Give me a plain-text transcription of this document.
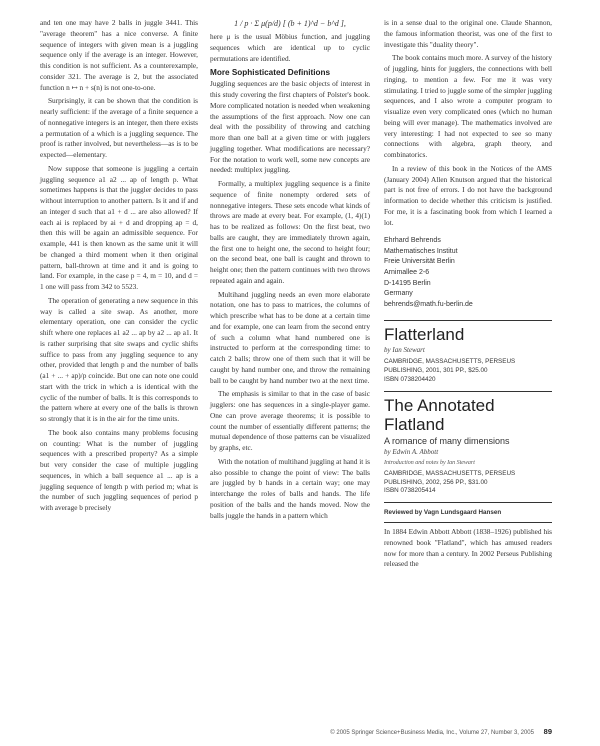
and ten one may have 2 balls in juggle 3441. This "average theorem" has a nice converse. A finite sequence of integers with given mean is a juggling sequence only if the average is an integer. However, this condition is not sufficient. As a counterexample, consider 321. The average is 2, but the associated function n ↦ n + s(n) is not one-to-one.

Surprisingly, it can be shown that the condition is nearly sufficient: if the average of a finite sequence a of nonnegative integers is an integer, then there exists a permutation of a which is a juggling sequence. The proof is rather involved, but nevertheless—as is to be expected—elementary.

Now suppose that someone is juggling a certain juggling sequence a1 a2 ... ap of length p. What sometimes happens is that the juggler decides to pass without interruption to another pattern. Is it and if and an integer d such that a1 + d ... are also allowed? If each ai is replaced by ai + d and dropping ap = d, then this will be again an admissible sequence. For example, 441 is then known as the same unit it will be changed a third moment when it then original pattern, ball-thrown at time and it and is going to land. For example, in the case p = 4, m = 10, and d = 1 one will pass from 342 to 5523.

The operation of generating a new sequence in this way is called a site swap. As another, more elementary operation, one can consider the cyclic shift where one replaces a1 a2 ... ap by a2 ... ap a1. It is rather surprising that site swaps and cyclic shifts suffice to pass from any juggling sequence to any other, provided that length p and the number of balls (a1 + ... + ap)/p coincide. But one can note one could start with the trick in which a is identical with the cyclic of the number of balls. It is this corresponds to the pattern where at every one of the balls is thrown so strongly that it is in the air for the time units.

The book also contains many problems focusing on counting: What is the number of juggling sequences with a prescribed property? As a simple but very consider the case of multiple juggling sequences, in which a ball sequence a1 ... ap is a juggling sequence of length p with period m; what is the number of such juggling sequences of period p with average b precisely

1 / p · Σ μ(p/d) [ (b + 1)^d − b^d ],

here μ is the usual Möbius function, and juggling sequences which are identical up to cyclic permutations are identified.

More Sophisticated Definitions

Juggling sequences are the basic objects of interest in this study covering the first chapters of Polster's book. More complicated notation is needed when weakening the assumptions of the first approach. Now one can deal with the possibility of throwing and catching more than one ball at a given time or with jugglers juggling together. What modifications are necessary? For the notation to work well, some new concepts are needed: multiplex juggling.

Formally, a multiplex juggling sequence is a finite sequence of finite nonempty ordered sets of nonnegative integers. These sets encode what kinds of throws are made at every beat. For example, (1, 4)(1) has to be realized as follows: On the first beat, two balls are caught, they are immediately thrown again, the first one to height one, the second to height four; on the second beat, one ball is caught and thrown to height one; then the pattern continues with two throws repeated again and again.

Multihand juggling needs an even more elaborate notation, one has to pass to matrices, the columns of which prescribe what has to be done at a certain time and for example, one can learn from the second entry of such a column what hand numbered one is instructed to perform at the corresponding time: to catch 2 balls; throw one of them such that it will be caught by hand number one, and throw the remaining ball to be caught by hand number two at the next time.

The emphasis is similar to that in the case of basic jugglers: one has sequences in a single-player game. One can prove average theorems; it is possible to count the number of essentially different patterns; the mutual dependence of those patterns can be visualized by graphs, etc.

With the notation of multihand juggling at hand it is also possible to change the point of view: The balls are juggled by b hands in a certain way; one may interchange the roles of balls and hands. The life position of the balls and the hands moved. Now the balls juggle the hands in a pattern which

is in a sense dual to the original one. Claude Shannon, the famous information theorist, was one of the first to investigate this "duality theory".

The book contains much more. A survey of the history of juggling, hints for jugglers, the connections with bell ringing, to mention a few. For me it was very stimulating. I tried to juggle some of the simpler juggling sequences, and I also wrote a computer program to visualize even very complicated ones (which no human being will ever manage). The mathematics involved are very interesting: I had not expected to see so many connections with algebra, graph theory, and combinatorics.

In a review of this book in the Notices of the AMS (January 2004) Allen Knutson argued that the historical part is not free of errors. I do not have the background information to decide whether this criticism is justified. For me, it is a fascinating book from which I learned a lot.

Ehrhard Behrends
Mathematisches Institut
Freie Universität Berlin
Arnimallee 2-6
D-14195 Berlin
Germany
behrends@math.fu-berlin.de
Flatterland
by Ian Stewart
CAMBRIDGE, MASSACHUSETTS, PERSEUS
PUBLISHING, 2001, 301 PP., $25.00
ISBN 0738204420
The Annotated Flatland
A romance of many dimensions
by Edwin A. Abbott
Introduction and notes by Ian Stewart
CAMBRIDGE, MASSACHUSETTS, PERSEUS
PUBLISHING, 2002, 256 PP., $31.00
ISBN 0738205414
Reviewed by Vagn Lundsgaard Hansen

In 1884 Edwin Abbott Abbott (1838–1926) published his renowned book "Flatland", which has amused readers now for more than a century. In 2002 Perseus Publishing released the

© 2005 Springer Science+Business Media, Inc., Volume 27, Number 3, 2005 89
